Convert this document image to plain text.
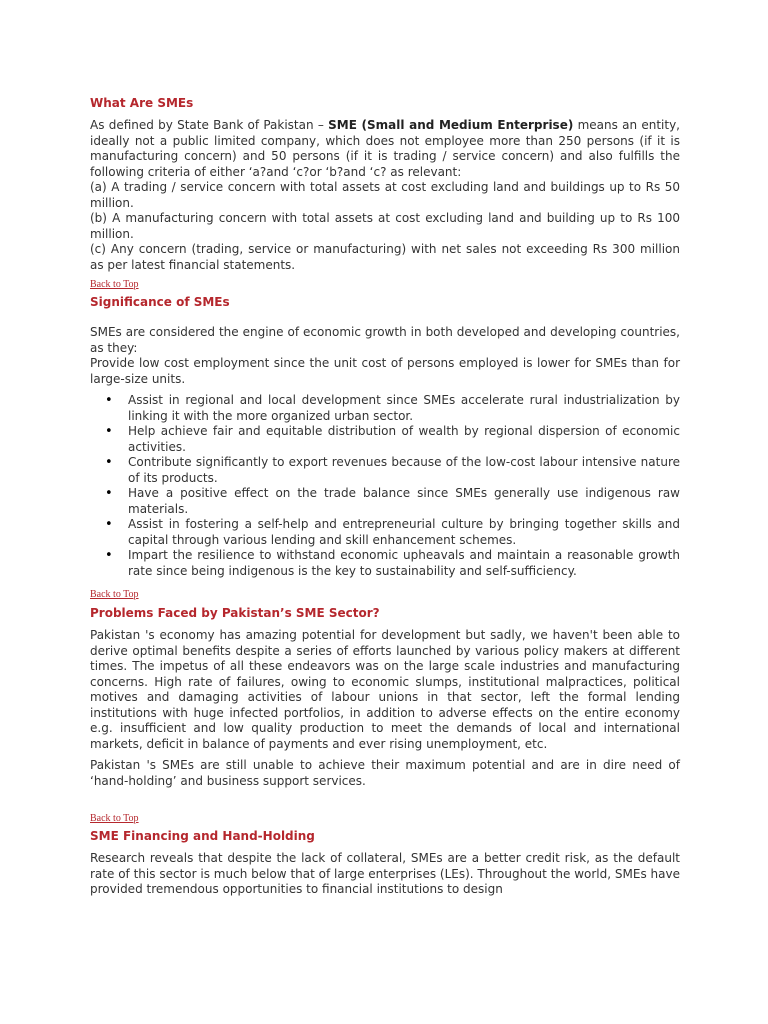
What Are SMEs

As defined by State Bank of Pakistan – SME (Small and Medium Enterprise) means an entity, ideally not a public limited company, which does not employee more than 250 persons (if it is manufacturing concern) and 50 persons (if it is trading / service concern) and also fulfills the following criteria of either ‘a?and ‘c?or ‘b?and ‘c? as relevant:

(a) A trading / service concern with total assets at cost excluding land and buildings up to Rs 50 million.

(b) A manufacturing concern with total assets at cost excluding land and building up to Rs 100 million.

(c) Any concern (trading, service or manufacturing) with net sales not exceeding Rs 300 million as per latest financial statements.

Back to Top
Significance of SMEs

SMEs are considered the engine of economic growth in both developed and developing countries, as they:

Provide low cost employment since the unit cost of persons employed is lower for SMEs than for large-size units.

• Assist in regional and local development since SMEs accelerate rural industrialization by linking it with the more organized urban sector.
• Help achieve fair and equitable distribution of wealth by regional dispersion of economic activities.
• Contribute significantly to export revenues because of the low-cost labour intensive nature of its products.
• Have a positive effect on the trade balance since SMEs generally use indigenous raw materials.
• Assist in fostering a self-help and entrepreneurial culture by bringing together skills and capital through various lending and skill enhancement schemes.
• Impart the resilience to withstand economic upheavals and maintain a reasonable growth rate since being indigenous is the key to sustainability and self-sufficiency.
Back to Top
Problems Faced by Pakistan’s SME Sector?

Pakistan 's economy has amazing potential for development but sadly, we haven't been able to derive optimal benefits despite a series of efforts launched by various policy makers at different times. The impetus of all these endeavors was on the large scale industries and manufacturing concerns. High rate of failures, owing to economic slumps, institutional malpractices, political motives and damaging activities of labour unions in that sector, left the formal lending institutions with huge infected portfolios, in addition to adverse effects on the entire economy e.g. insufficient and low quality production to meet the demands of local and international markets, deficit in balance of payments and ever rising unemployment, etc.

Pakistan 's SMEs are still unable to achieve their maximum potential and are in dire need of ‘hand-holding’ and business support services.

Back to Top
SME Financing and Hand-Holding

Research reveals that despite the lack of collateral, SMEs are a better credit risk, as the default rate of this sector is much below that of large enterprises (LEs). Throughout the world, SMEs have provided tremendous opportunities to financial institutions to design
